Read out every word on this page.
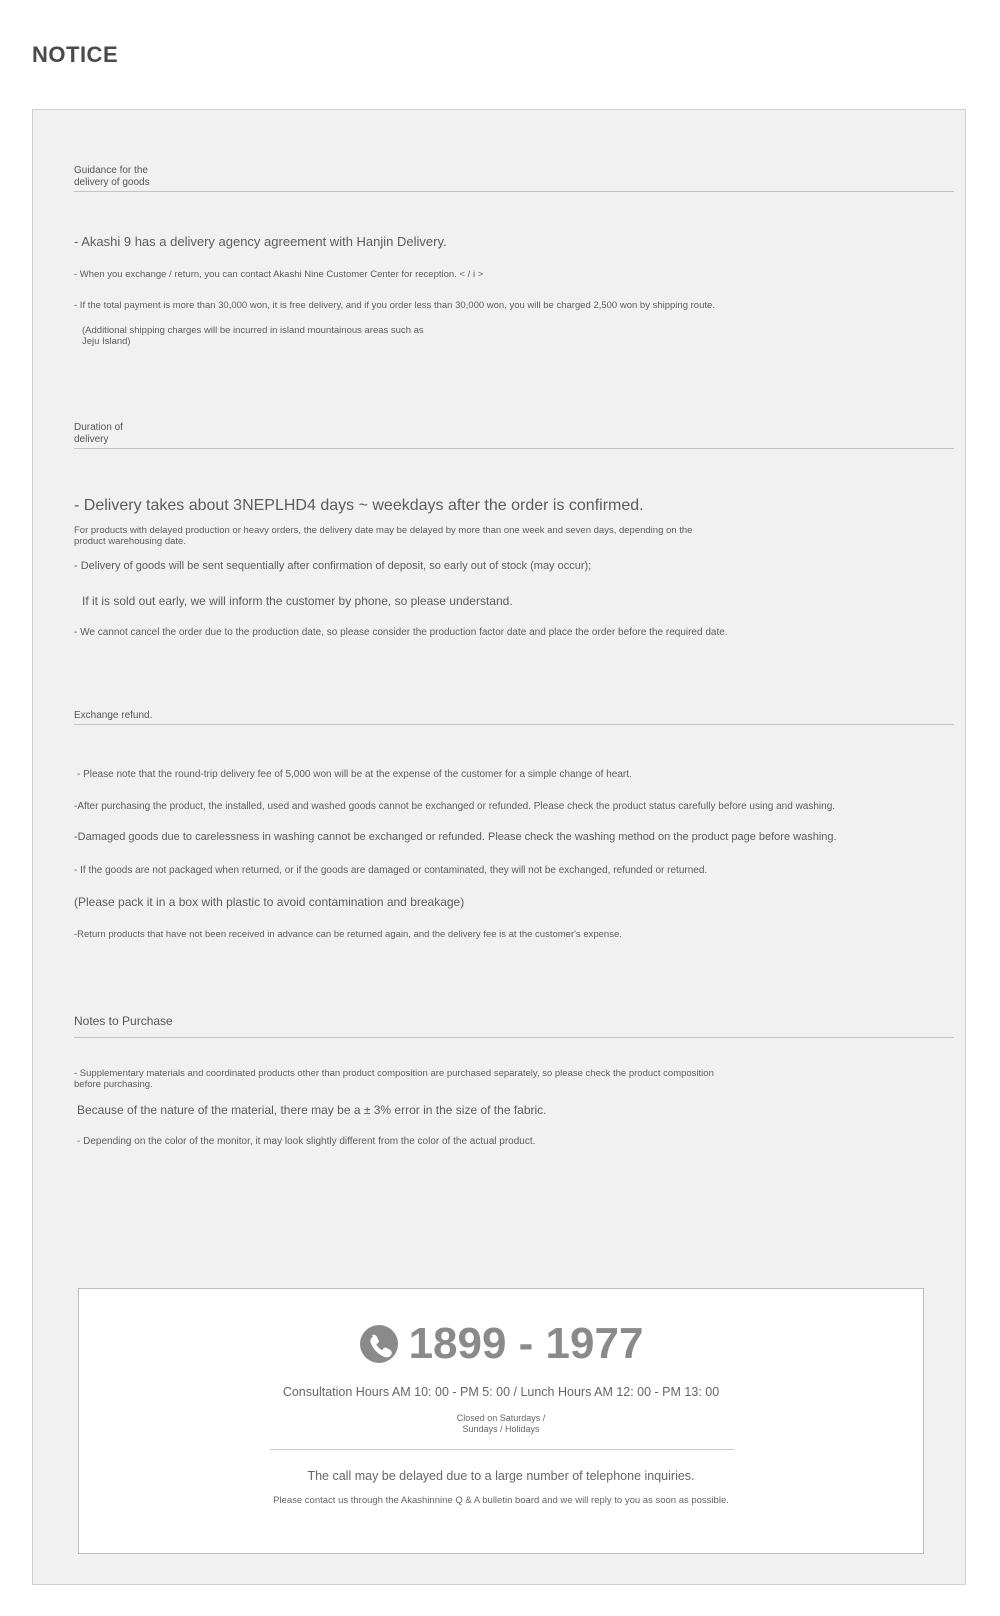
NOTICE
Guidance for the delivery of goods
- Akashi 9 has a delivery agency agreement with Hanjin Delivery.
- When you exchange / return, you can contact Akashi Nine Customer Center for reception. < / i >
- If the total payment is more than 30,000 won, it is free delivery, and if you order less than 30,000 won, you will be charged 2,500 won by shipping route.
(Additional shipping charges will be incurred in island mountainous areas such as Jeju Island)
Duration of delivery
- Delivery takes about 3NEPLHD4 days ~ weekdays after the order is confirmed.
For products with delayed production or heavy orders, the delivery date may be delayed by more than one week and seven days, depending on the product warehousing date.
- Delivery of goods will be sent sequentially after confirmation of deposit, so early out of stock (may occur);
If it is sold out early, we will inform the customer by phone, so please understand.
- We cannot cancel the order due to the production date, so please consider the production factor date and place the order before the required date.
Exchange refund.
- Please note that the round-trip delivery fee of 5,000 won will be at the expense of the customer for a simple change of heart.
-After purchasing the product, the installed, used and washed goods cannot be exchanged or refunded. Please check the product status carefully before using and washing.
-Damaged goods due to carelessness in washing cannot be exchanged or refunded. Please check the washing method on the product page before washing.
- If the goods are not packaged when returned, or if the goods are damaged or contaminated, they will not be exchanged, refunded or returned.
(Please pack it in a box with plastic to avoid contamination and breakage)
-Return products that have not been received in advance can be returned again, and the delivery fee is at the customer's expense.
Notes to Purchase
- Supplementary materials and coordinated products other than product composition are purchased separately, so please check the product composition before purchasing.
Because of the nature of the material, there may be a ± 3% error in the size of the fabric.
- Depending on the color of the monitor, it may look slightly different from the color of the actual product.
1899 - 1977
Consultation Hours AM 10: 00 - PM 5: 00 / Lunch Hours AM 12: 00 - PM 13: 00
Closed on Saturdays / Sundays / Holidays
The call may be delayed due to a large number of telephone inquiries.
Please contact us through the Akashinnine Q & A bulletin board and we will reply to you as soon as possible.
